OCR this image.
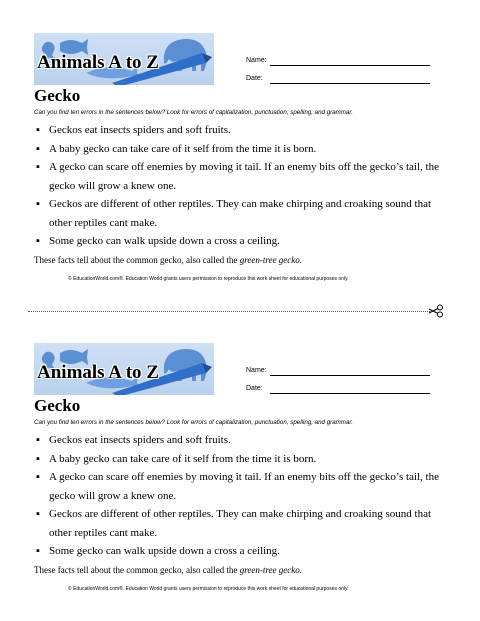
Animals A to Z	Name:
Date:
Gecko
Can you find ten errors in the sentences below? Look for errors of capitalization, punctuation, spelling, and grammar.
▪ Geckos eat insects spiders and soft fruits.
▪ A baby gecko can take care of it self from the time it is born.
▪ A gecko can scare off enemies by moving it tail. If an enemy bits off the gecko’s tail, the gecko will grow a knew one.
▪ Geckos are different of other reptiles. They can make chirping and croaking sound that other reptiles cant make.
▪ Some gecko can walk upside down a cross a ceiling.
These facts tell about the common gecko, also called the green-tree gecko.
© EducationWorld.com®. Education World grants users permission to reproduce this work sheet for educational purposes only.
Animals A to Z	Name:
Date:
Gecko
Can you find ten errors in the sentences below? Look for errors of capitalization, punctuation, spelling, and grammar.
▪ Geckos eat insects spiders and soft fruits.
▪ A baby gecko can take care of it self from the time it is born.
▪ A gecko can scare off enemies by moving it tail. If an enemy bits off the gecko’s tail, the gecko will grow a knew one.
▪ Geckos are different of other reptiles. They can make chirping and croaking sound that other reptiles cant make.
▪ Some gecko can walk upside down a cross a ceiling.
These facts tell about the common gecko, also called the green-tree gecko.
© EducationWorld.com®. Education World grants users permission to reproduce this work sheet for educational purposes only.
